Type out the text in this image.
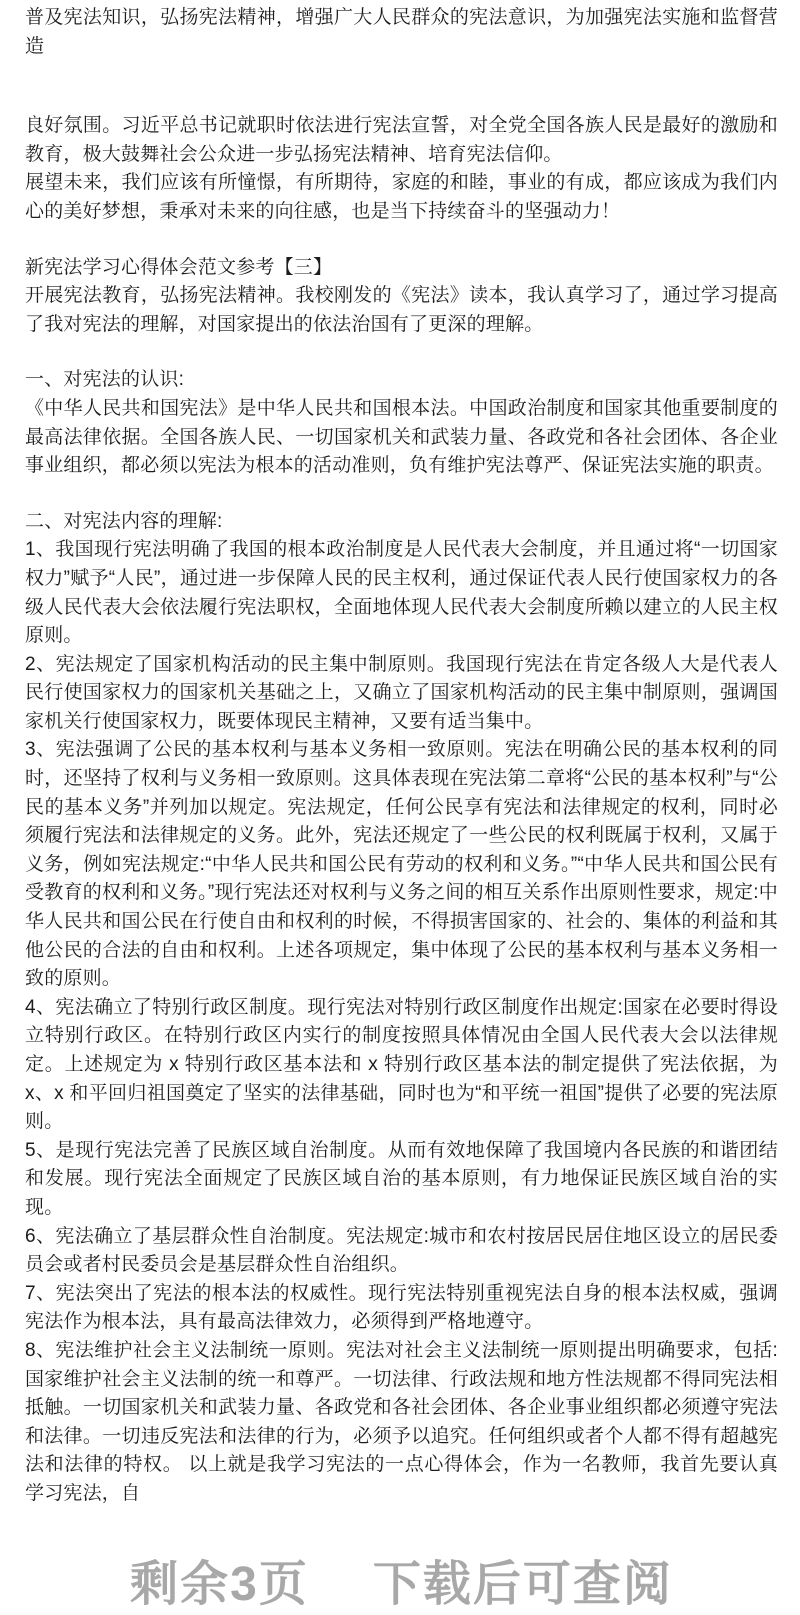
普及宪法知识，弘扬宪法精神，增强广大人民群众的宪法意识，为加强宪法实施和监督营造

良好氛围。习近平总书记就职时依法进行宪法宣誓，对全党全国各族人民是最好的激励和教育，极大鼓舞社会公众进一步弘扬宪法精神、培育宪法信仰。

展望未来，我们应该有所憧憬，有所期待，家庭的和睦，事业的有成，都应该成为我们内心的美好梦想，秉承对未来的向往感，也是当下持续奋斗的坚强动力！

新宪法学习心得体会范文参考【三】

开展宪法教育，弘扬宪法精神。我校刚发的《宪法》读本，我认真学习了，通过学习提高了我对宪法的理解，对国家提出的依法治国有了更深的理解。

一、对宪法的认识:

《中华人民共和国宪法》是中华人民共和国根本法。中国政治制度和国家其他重要制度的最高法律依据。全国各族人民、一切国家机关和武装力量、各政党和各社会团体、各企业事业组织，都必须以宪法为根本的活动准则，负有维护宪法尊严、保证宪法实施的职责。

二、对宪法内容的理解:

1、我国现行宪法明确了我国的根本政治制度是人民代表大会制度，并且通过将“一切国家权力”赋予“人民”，通过进一步保障人民的民主权利，通过保证代表人民行使国家权力的各级人民代表大会依法履行宪法职权，全面地体现人民代表大会制度所赖以建立的人民主权原则。

2、宪法规定了国家机构活动的民主集中制原则。我国现行宪法在肯定各级人大是代表人民行使国家权力的国家机关基础之上，又确立了国家机构活动的民主集中制原则，强调国家机关行使国家权力，既要体现民主精神，又要有适当集中。

3、宪法强调了公民的基本权利与基本义务相一致原则。宪法在明确公民的基本权利的同时，还坚持了权利与义务相一致原则。这具体表现在宪法第二章将“公民的基本权利”与“公民的基本义务”并列加以规定。宪法规定，任何公民享有宪法和法律规定的权利，同时必须履行宪法和法律规定的义务。此外，宪法还规定了一些公民的权利既属于权利，又属于义务，例如宪法规定:“中华人民共和国公民有劳动的权利和义务。”“中华人民共和国公民有受教育的权利和义务。”现行宪法还对权利与义务之间的相互关系作出原则性要求，规定:中华人民共和国公民在行使自由和权利的时候，不得损害国家的、社会的、集体的利益和其他公民的合法的自由和权利。上述各项规定，集中体现了公民的基本权利与基本义务相一致的原则。

4、宪法确立了特别行政区制度。现行宪法对特别行政区制度作出规定:国家在必要时得设立特别行政区。在特别行政区内实行的制度按照具体情况由全国人民代表大会以法律规定。上述规定为 x 特别行政区基本法和 x 特别行政区基本法的制定提供了宪法依据，为 x、x 和平回归祖国奠定了坚实的法律基础，同时也为“和平统一祖国”提供了必要的宪法原则。

5、是现行宪法完善了民族区域自治制度。从而有效地保障了我国境内各民族的和谐团结和发展。现行宪法全面规定了民族区域自治的基本原则，有力地保证民族区域自治的实现。

6、宪法确立了基层群众性自治制度。宪法规定:城市和农村按居民居住地区设立的居民委员会或者村民委员会是基层群众性自治组织。

7、宪法突出了宪法的根本法的权威性。现行宪法特别重视宪法自身的根本法权威，强调宪法作为根本法，具有最高法律效力，必须得到严格地遵守。

8、宪法维护社会主义法制统一原则。宪法对社会主义法制统一原则提出明确要求，包括:国家维护社会主义法制的统一和尊严。一切法律、行政法规和地方性法规都不得同宪法相抵触。一切国家机关和武装力量、各政党和各社会团体、各企业事业组织都必须遵守宪法和法律。一切违反宪法和法律的行为，必须予以追究。任何组织或者个人都不得有超越宪法和法律的特权。 以上就是我学习宪法的一点心得体会，作为一名教师，我首先要认真学习宪法，自

剩余3页 下载后可查阅
